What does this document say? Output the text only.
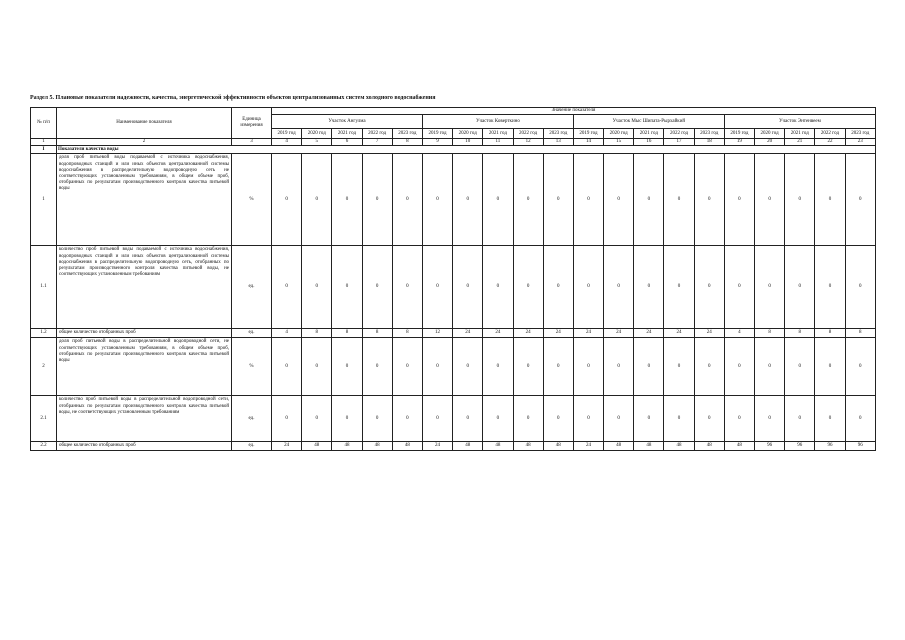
Раздел 5. Плановые показатели надежности, качества, энергетической эффективности объектов централизованных систем холодного водоснабжения
№ п/п	Наименование показателя	Единица измерения	Значение показателя																			
			Участок Ангулма					Участок Коверткино					Участок Мыс Шипата-Рырхайкий					Участок Энтенвеем				
			2019 год	2020 год	2021 год	2022 год	2023 год	2019 год	2020 год	2021 год	2022 год	2023 год	2019 год	2020 год	2021 год	2022 год	2023 год	2019 год	2020 год	2021 год	2022 год	2023 год
1	2	3	4	5	6	7	8	9	10	11	12	13	14	15	16	17	18	19	20	21	22	23
I	Показатели качества воды																					
1	доля проб питьевой воды подаваемой с источника водоснабжения, водопроводных станций и или иных объектов централизованной системы водоснабжения в распределительную водопроводную сеть не соответствующих установленным требованиям, в общем объеме проб, отобранных по результатам производственного контроля качества питьевой воды	%	0	0	0	0	0	0	0	0	0	0	0	0	0	0	0	0	0	0	0	0
1.1	количество проб питьевой воды подаваемой с источника водоснабжения, водопроводных станций и или иных объектов централизованной системы водоснабжения в распределительную водопроводную сеть, отобранных по результатам производственного контроля качества питьевой воды, не соответствующих установленным требованиям	ед.	0	0	0	0	0	0	0	0	0	0	0	0	0	0	0	0	0	0	0	0
1.2	общее количество отобранных проб	ед.	4	8	8	8	8	12	24	24	24	24	24	24	24	24	24	4	8	8	8	8
2	доля проб питьевой воды в распределительной водопроводной сети, не соответствующих установленным требованиям, в общем объеме проб, отобранных по результатам производственного контроля качества питьевой воды	%	0	0	0	0	0	0	0	0	0	0	0	0	0	0	0	0	0	0	0	0
2.1	количество проб питьевой воды в распределительной водопроводной сети, отобранных по результатам производственного контроля качества питьевой воды, не соответствующих установленным требованиям	ед.	0	0	0	0	0	0	0	0	0	0	0	0	0	0	0	0	0	0	0	0
2.2	общее количество отобранных проб	ед.	24	48	48	48	48	24	48	48	48	48	24	48	48	48	48	48	96	96	96	96
